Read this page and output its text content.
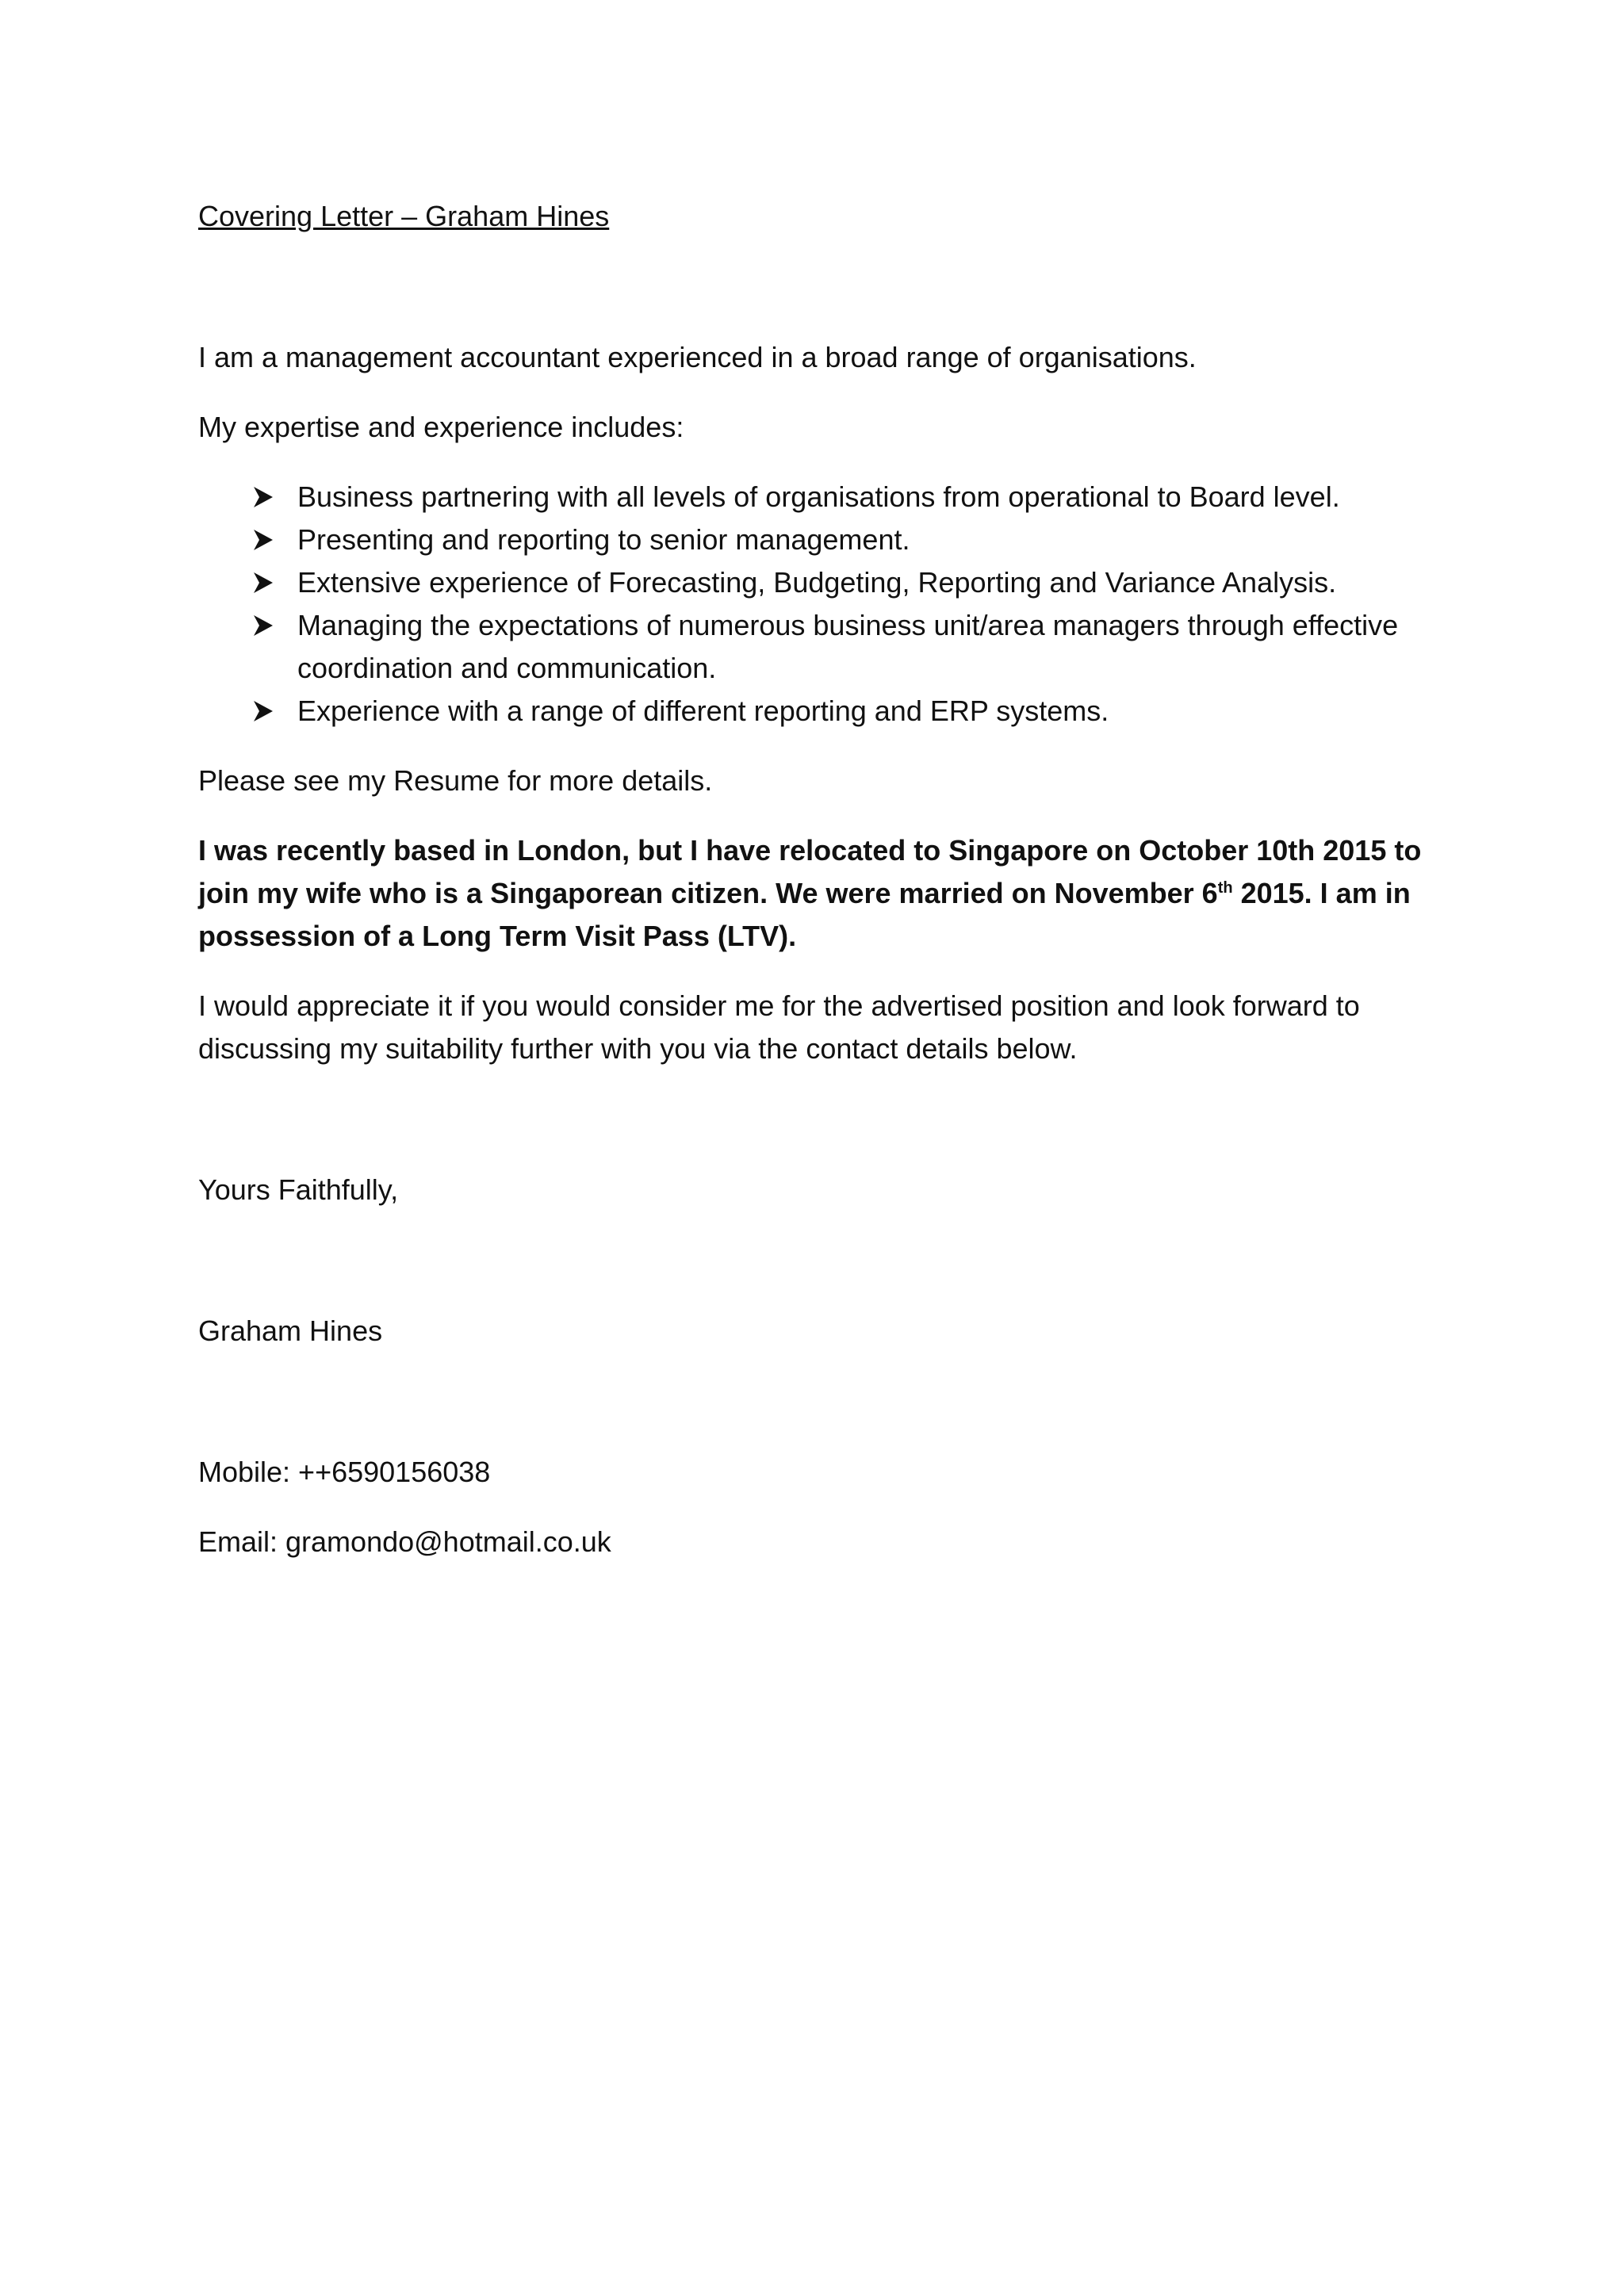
Covering Letter – Graham Hines

I am a management accountant experienced in a broad range of organisations.

My expertise and experience includes:

Business partnering with all levels of organisations from operational to Board level.
Presenting and reporting to senior management.
Extensive experience of Forecasting, Budgeting, Reporting and Variance Analysis.
Managing the expectations of numerous business unit/area managers through effective coordination and communication.
Experience with a range of different reporting and ERP systems.

Please see my Resume for more details.

I was recently based in London, but I have relocated to Singapore on October 10th 2015 to join my wife who is a Singaporean citizen. We were married on November 6th 2015. I am in possession of a Long Term Visit Pass (LTV).

I would appreciate it if you would consider me for the advertised position and look forward to discussing my suitability further with you via the contact details below.

Yours Faithfully,

Graham Hines

Mobile: ++6590156038

Email: gramondo@hotmail.co.uk
